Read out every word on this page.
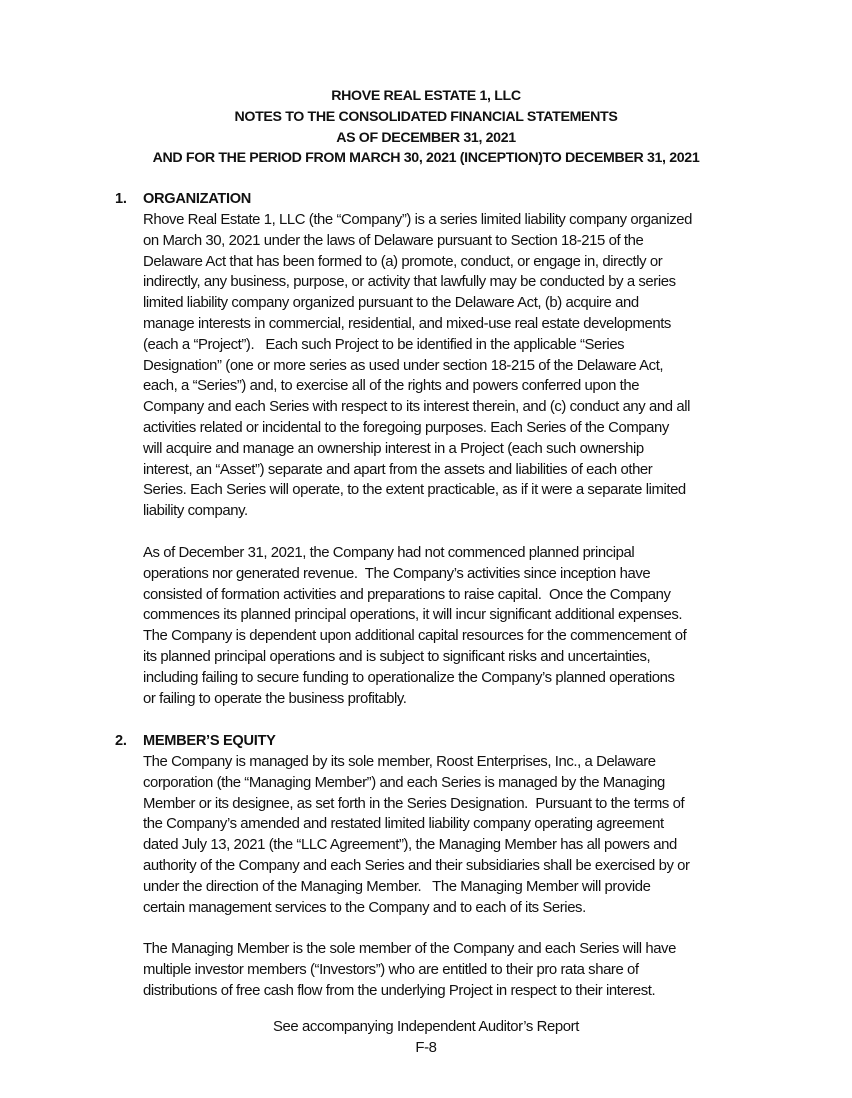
RHOVE REAL ESTATE 1, LLC
NOTES TO THE CONSOLIDATED FINANCIAL STATEMENTS
AS OF DECEMBER 31, 2021
AND FOR THE PERIOD FROM MARCH 30, 2021 (INCEPTION)TO DECEMBER 31, 2021
1. ORGANIZATION
Rhove Real Estate 1, LLC (the “Company”) is a series limited liability company organized
on March 30, 2021 under the laws of Delaware pursuant to Section 18-215 of the
Delaware Act that has been formed to (a) promote, conduct, or engage in, directly or
indirectly, any business, purpose, or activity that lawfully may be conducted by a series
limited liability company organized pursuant to the Delaware Act, (b) acquire and
manage interests in commercial, residential, and mixed-use real estate developments
(each a “Project”).   Each such Project to be identified in the applicable “Series
Designation” (one or more series as used under section 18-215 of the Delaware Act,
each, a “Series”) and, to exercise all of the rights and powers conferred upon the
Company and each Series with respect to its interest therein, and (c) conduct any and all
activities related or incidental to the foregoing purposes. Each Series of the Company
will acquire and manage an ownership interest in a Project (each such ownership
interest, an “Asset”) separate and apart from the assets and liabilities of each other
Series. Each Series will operate, to the extent practicable, as if it were a separate limited
liability company.
As of December 31, 2021, the Company had not commenced planned principal
operations nor generated revenue.  The Company’s activities since inception have
consisted of formation activities and preparations to raise capital.  Once the Company
commences its planned principal operations, it will incur significant additional expenses.
The Company is dependent upon additional capital resources for the commencement of
its planned principal operations and is subject to significant risks and uncertainties,
including failing to secure funding to operationalize the Company’s planned operations
or failing to operate the business profitably.
2. MEMBER’S EQUITY
The Company is managed by its sole member, Roost Enterprises, Inc., a Delaware
corporation (the “Managing Member”) and each Series is managed by the Managing
Member or its designee, as set forth in the Series Designation.  Pursuant to the terms of
the Company’s amended and restated limited liability company operating agreement
dated July 13, 2021 (the “LLC Agreement”), the Managing Member has all powers and
authority of the Company and each Series and their subsidiaries shall be exercised by or
under the direction of the Managing Member.   The Managing Member will provide
certain management services to the Company and to each of its Series.
The Managing Member is the sole member of the Company and each Series will have
multiple investor members (“Investors”) who are entitled to their pro rata share of
distributions of free cash flow from the underlying Project in respect to their interest.
See accompanying Independent Auditor’s Report
F-8
